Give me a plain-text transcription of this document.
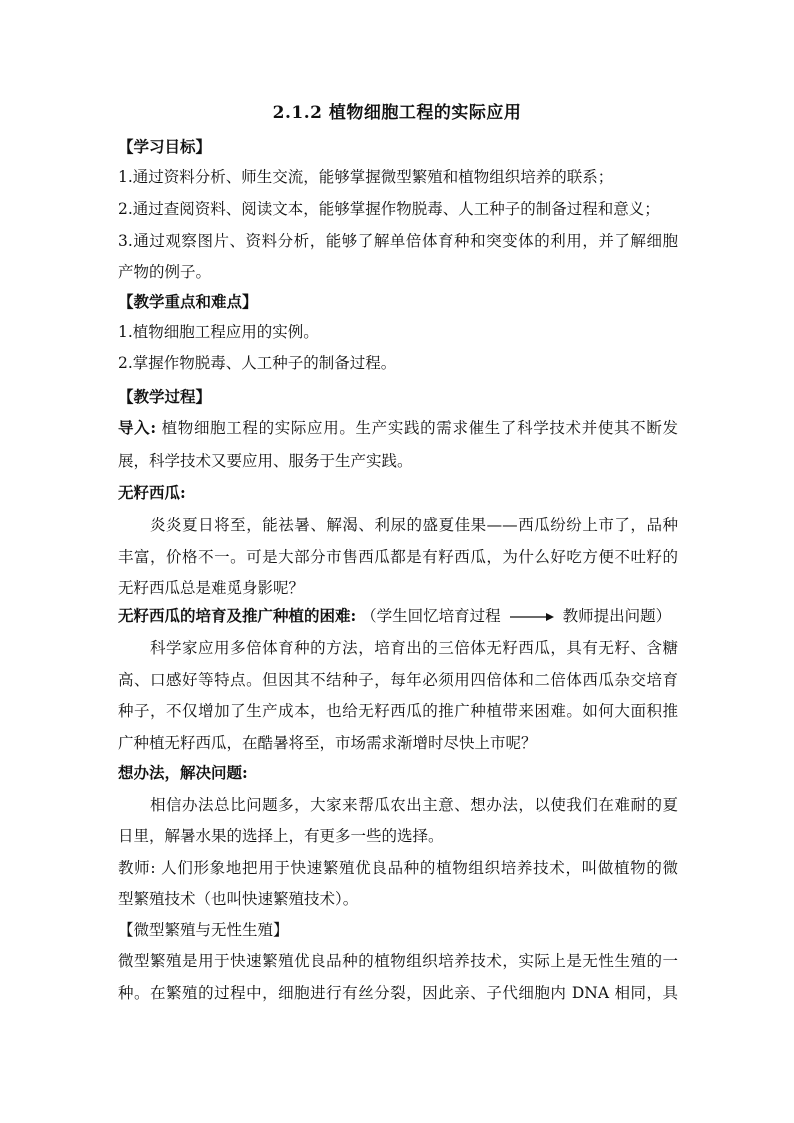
2.1.2 植物细胞工程的实际应用
【学习目标】
1.通过资料分析、师生交流，能够掌握微型繁殖和植物组织培养的联系；
2.通过查阅资料、阅读文本，能够掌握作物脱毒、人工种子的制备过程和意义；
3.通过观察图片、资料分析，能够了解单倍体育种和突变体的利用，并了解细胞
产物的例子。
【教学重点和难点】
1.植物细胞工程应用的实例。
2.掌握作物脱毒、人工种子的制备过程。
【教学过程】
导入: 植物细胞工程的实际应用。生产实践的需求催生了科学技术并使其不断发
展，科学技术又要应用、服务于生产实践。
无籽西瓜:
炎炎夏日将至，能祛暑、解渴、利尿的盛夏佳果——西瓜纷纷上市了，品种
丰富，价格不一。可是大部分市售西瓜都是有籽西瓜，为什么好吃方便不吐籽的
无籽西瓜总是难觅身影呢？
无籽西瓜的培育及推广种植的困难: （学生回忆培育过程	教师提出问题）
科学家应用多倍体育种的方法，培育出的三倍体无籽西瓜，具有无籽、含糖
高、口感好等特点。但因其不结种子，每年必须用四倍体和二倍体西瓜杂交培育
种子，不仅增加了生产成本，也给无籽西瓜的推广种植带来困难。如何大面积推
广种植无籽西瓜，在酷暑将至，市场需求渐增时尽快上市呢？
想办法，解决问题:
相信办法总比问题多，大家来帮瓜农出主意、想办法，以使我们在难耐的夏
日里，解暑水果的选择上，有更多一些的选择。
教师: 人们形象地把用于快速繁殖优良品种的植物组织培养技术，叫做植物的微
型繁殖技术（也叫快速繁殖技术）。
【微型繁殖与无性生殖】
微型繁殖是用于快速繁殖优良品种的植物组织培养技术，实际上是无性生殖的一
种。在繁殖的过程中，细胞进行有丝分裂，因此亲、子代细胞内 DNA 相同，具
